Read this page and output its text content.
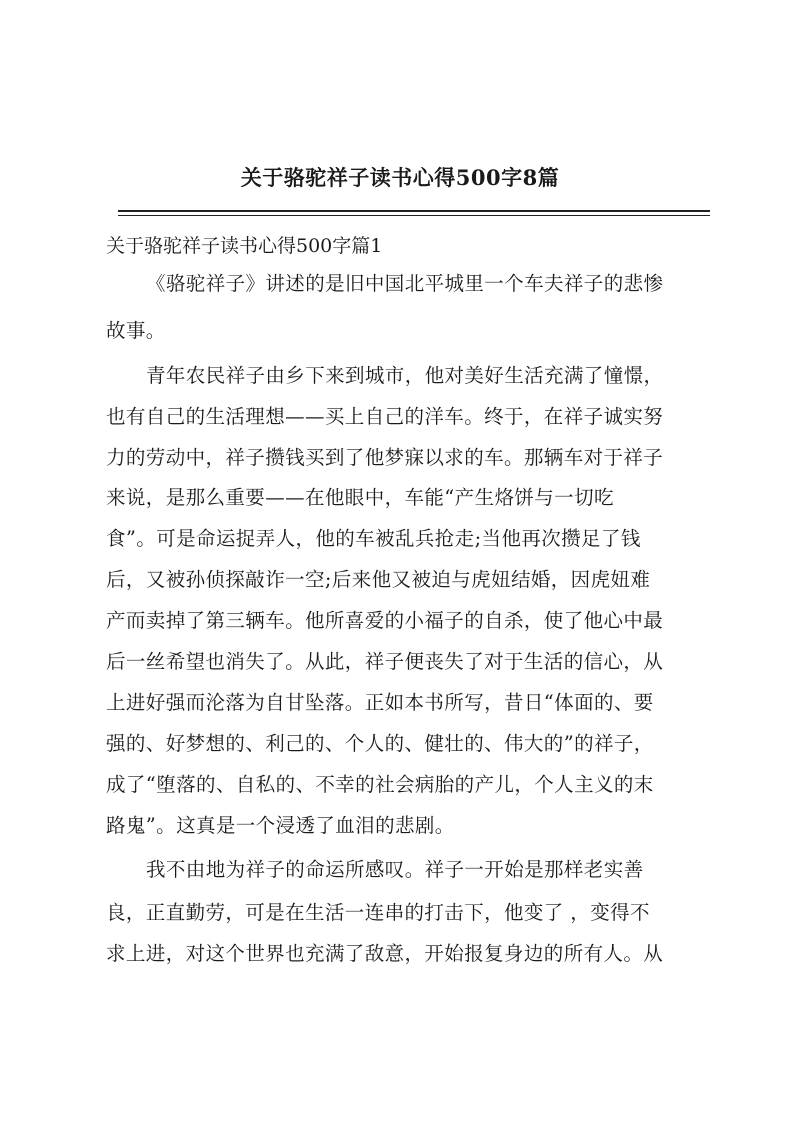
关于骆驼祥子读书心得500字8篇
关于骆驼祥子读书心得500字篇1
《骆驼祥子》讲述的是旧中国北平城里一个车夫祥子的悲惨
故事。
青年农民祥子由乡下来到城市，他对美好生活充满了憧憬，
也有自己的生活理想——买上自己的洋车。终于，在祥子诚实努
力的劳动中，祥子攒钱买到了他梦寐以求的车。那辆车对于祥子
来说，是那么重要——在他眼中，车能“产生烙饼与一切吃
食”。可是命运捉弄人，他的车被乱兵抢走;当他再次攒足了钱
后，又被孙侦探敲诈一空;后来他又被迫与虎妞结婚，因虎妞难
产而卖掉了第三辆车。他所喜爱的小福子的自杀，使了他心中最
后一丝希望也消失了。从此，祥子便丧失了对于生活的信心，从
上进好强而沦落为自甘坠落。正如本书所写，昔日“体面的、要
强的、好梦想的、利己的、个人的、健壮的、伟大的”的祥子，
成了“堕落的、自私的、不幸的社会病胎的产儿，个人主义的末
路鬼”。这真是一个浸透了血泪的悲剧。
我不由地为祥子的命运所感叹。祥子一开始是那样老实善
良，正直勤劳，可是在生活一连串的打击下，他变了 ，变得不
求上进，对这个世界也充满了敌意，开始报复身边的所有人。从
